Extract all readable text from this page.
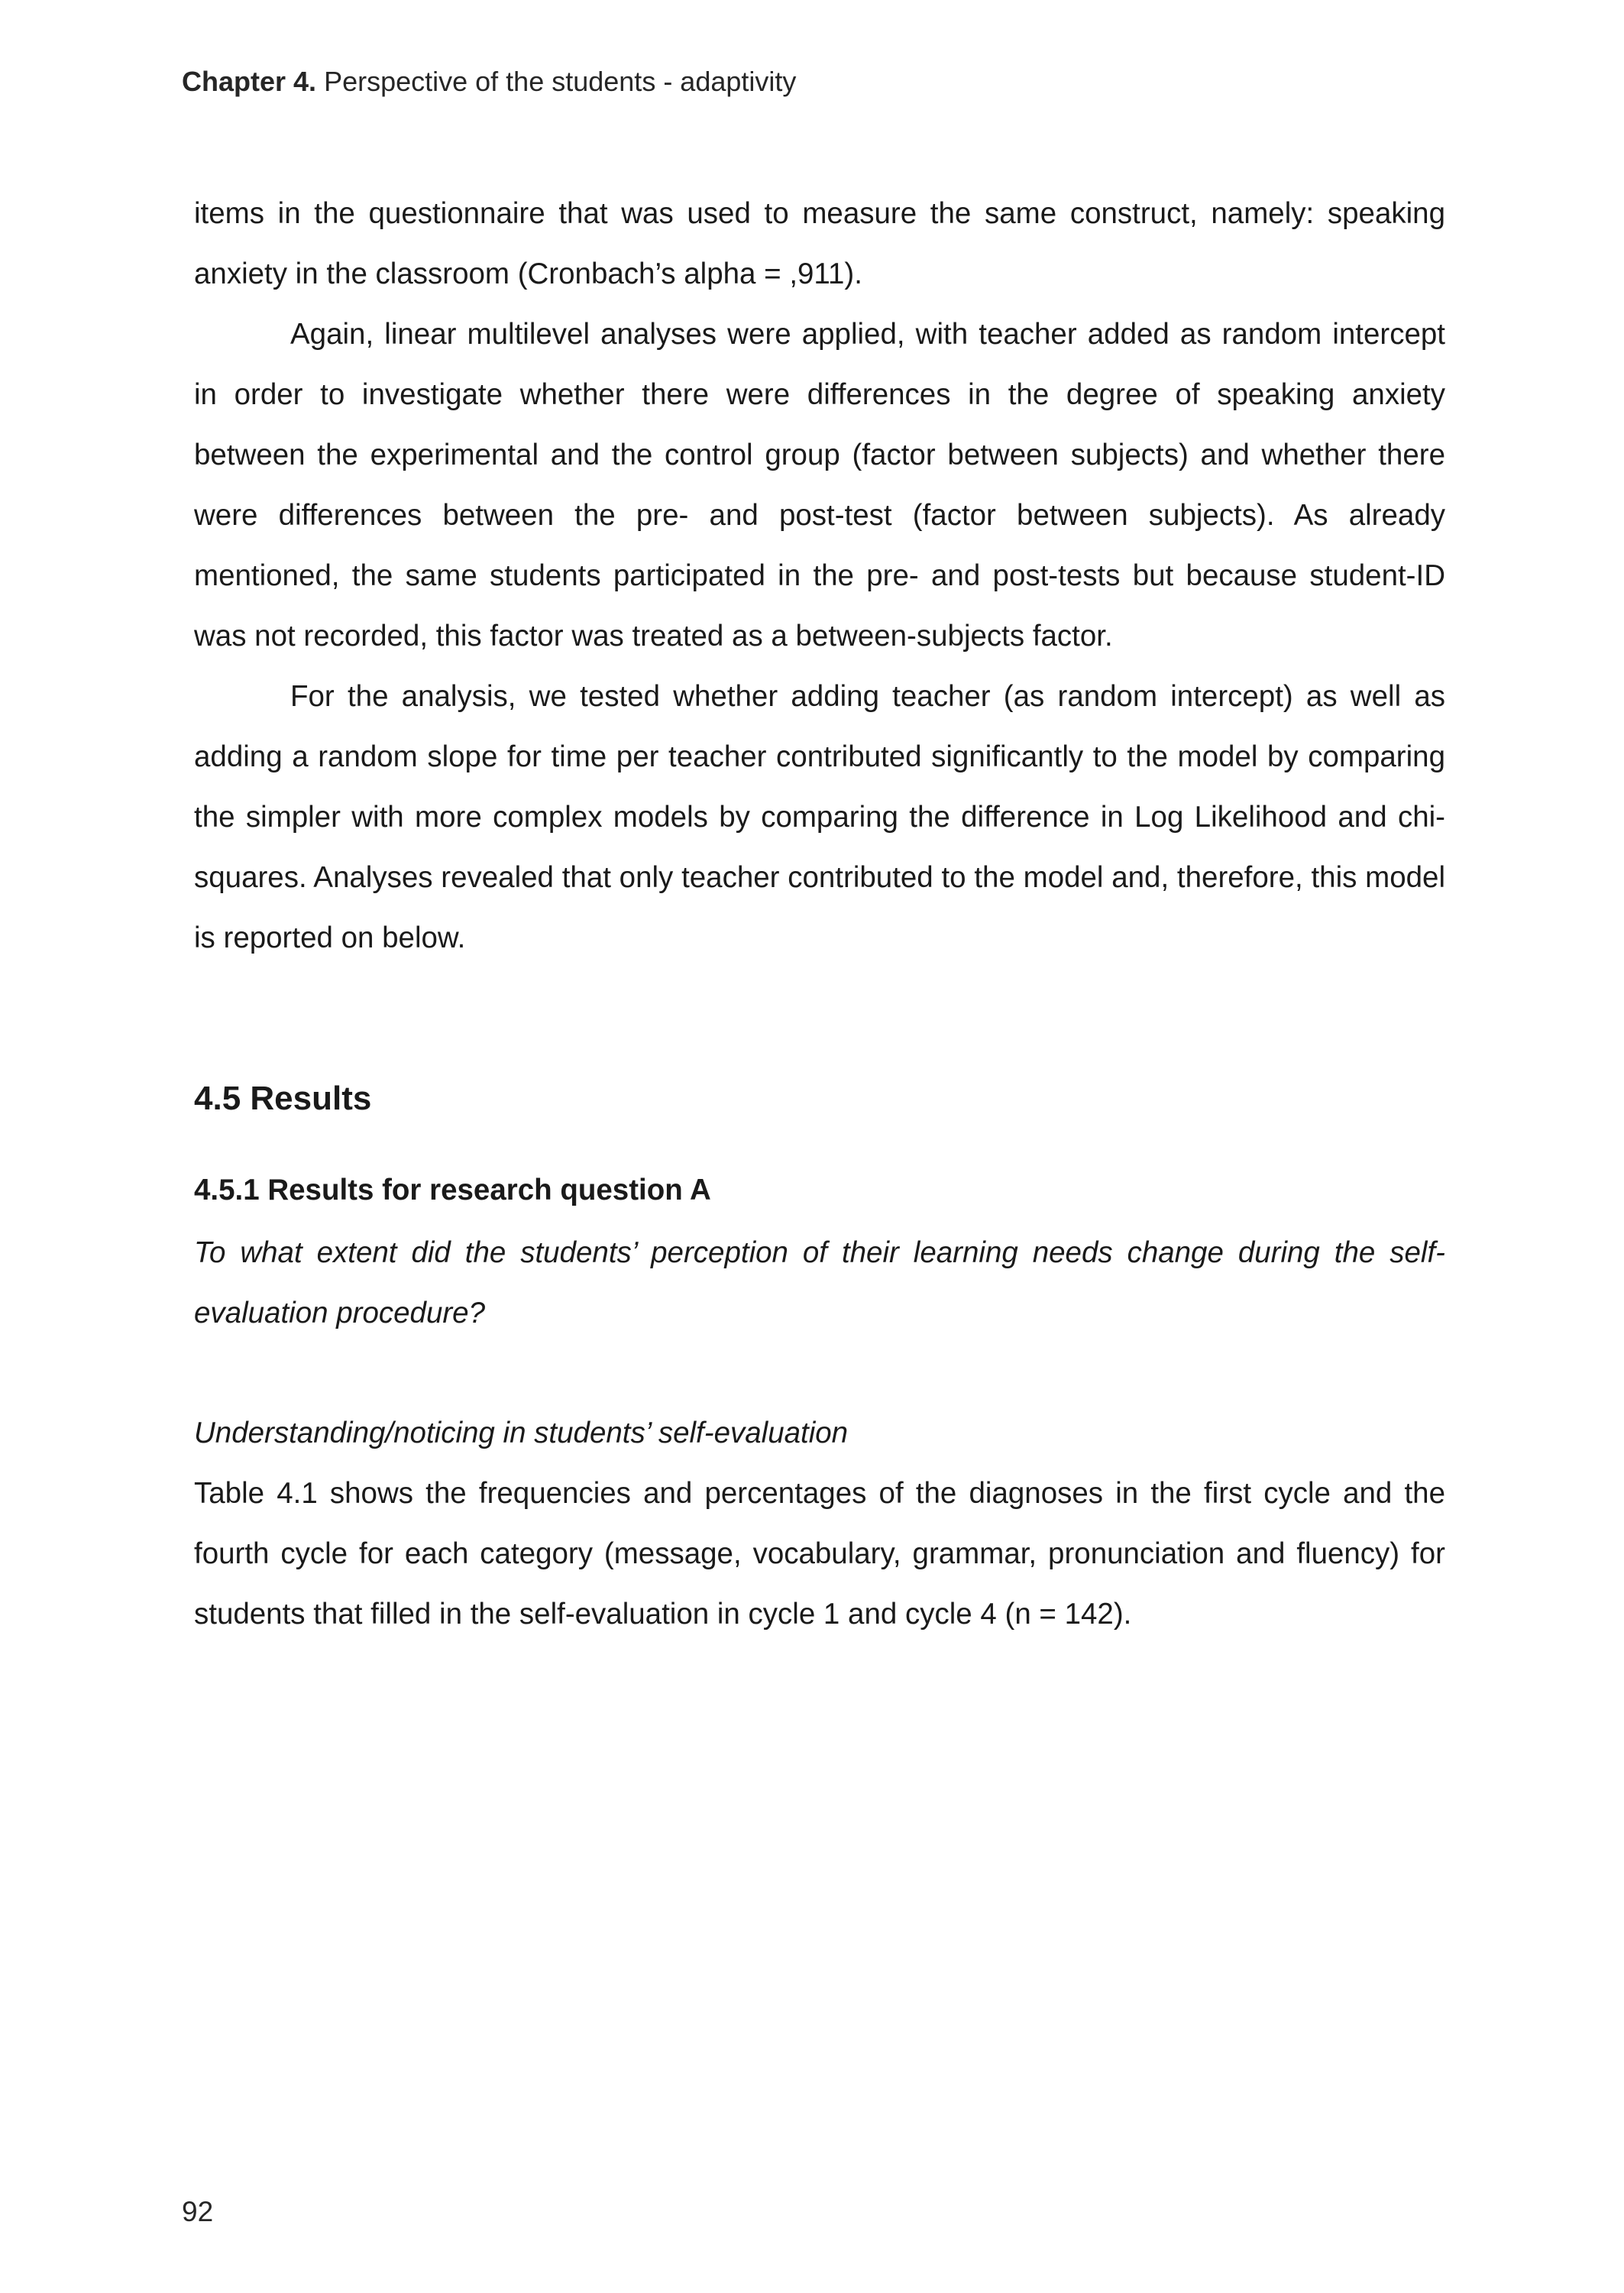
Chapter 4. Perspective of the students - adaptivity

items in the questionnaire that was used to measure the same construct, namely: speaking anxiety in the classroom (Cronbach’s alpha = ,911).

Again, linear multilevel analyses were applied, with teacher added as random intercept in order to investigate whether there were differences in the degree of speaking anxiety between the experimental and the control group (factor between subjects) and whether there were differences between the pre- and post-test (factor between subjects). As already mentioned, the same students participated in the pre- and post-tests but because student-ID was not recorded, this factor was treated as a between-subjects factor.

For the analysis, we tested whether adding teacher (as random intercept) as well as adding a random slope for time per teacher contributed significantly to the model by comparing the simpler with more complex models by comparing the difference in Log Likelihood and chi-squares. Analyses revealed that only teacher contributed to the model and, therefore, this model is reported on below.

4.5 Results
4.5.1 Results for research question A

To what extent did the students’ perception of their learning needs change during the self-evaluation procedure?

Understanding/noticing in students’ self-evaluation

Table 4.1 shows the frequencies and percentages of the diagnoses in the first cycle and the fourth cycle for each category (message, vocabulary, grammar, pronunciation and fluency) for students that filled in the self-evaluation in cycle 1 and cycle 4 (n = 142).

92
